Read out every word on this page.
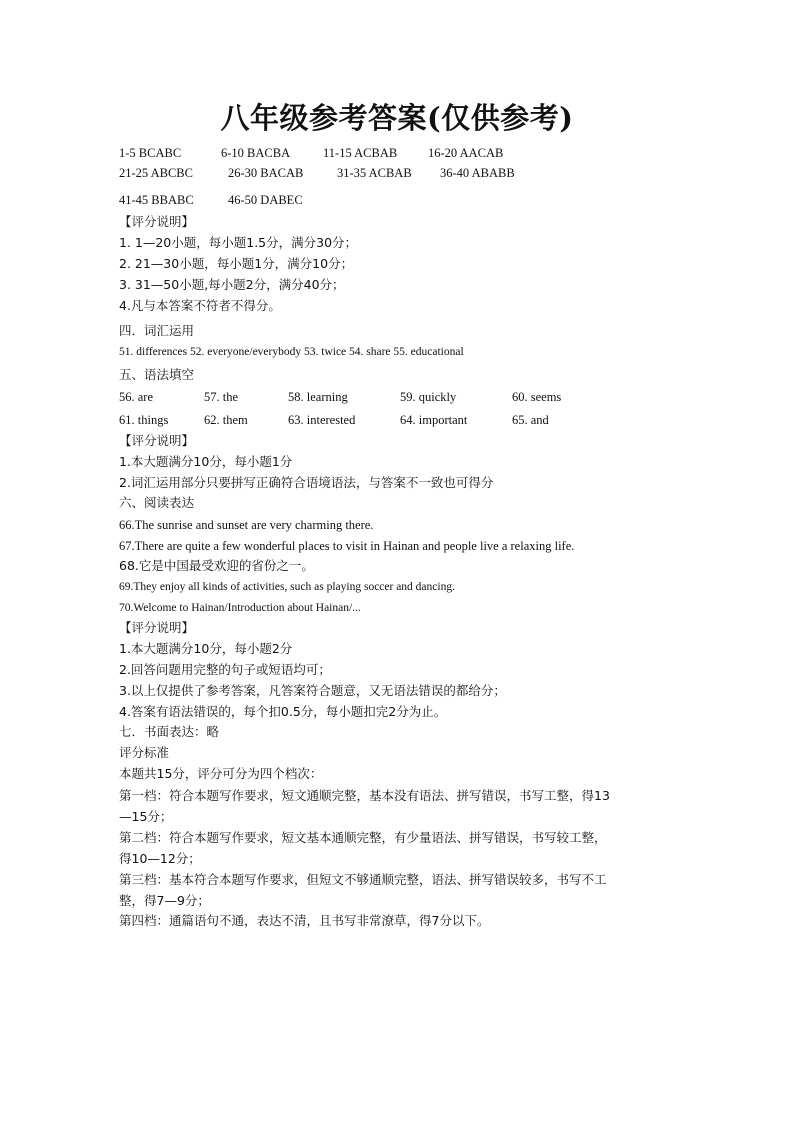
八年级参考答案(仅供参考)
1-5 BCABC	6-10 BACBA	11-15 ACBAB 16-20 AACAB
21-25 ABCBC	26-30 BACAB	31-35 ACBAB 36-40 ABABB
41-45 BBABC	46-50 DABEC
【评分说明】
1. 1—20小题，每小题1.5分，满分30分；
2. 21—30小题，每小题1分，满分10分；
3. 31—50小题,每小题2分，满分40分；
4.凡与本答案不符者不得分。
四．词汇运用
51. differences 52. everyone/everybody 53. twice 54. share 55. educational
五、语法填空
56. are	57. the	58. learning	59. quickly	60. seems
61. things	62. them	63. interested	64. important	65. and
【评分说明】
1.本大题满分10分，每小题1分
2.词汇运用部分只要拼写正确符合语境语法，与答案不一致也可得分
六、阅读表达
66.The sunrise and sunset are very charming there.
67.There are quite a few wonderful places to visit in Hainan and people live a relaxing life.
68.它是中国最受欢迎的省份之一。
69.They enjoy all kinds of activities, such as playing soccer and dancing.
70.Welcome to Hainan/Introduction about Hainan/...
【评分说明】
1.本大题满分10分，每小题2分
2.回答问题用完整的句子或短语均可；
3.以上仅提供了参考答案，凡答案符合题意，又无语法错误的都给分；
4.答案有语法错误的，每个扣0.5分，每小题扣完2分为止。
七．书面表达：略
评分标准
本题共15分，评分可分为四个档次：
第一档：符合本题写作要求，短文通顺完整，基本没有语法、拼写错误，书写工整，得13
—15分；
第二档：符合本题写作要求，短文基本通顺完整，有少量语法、拼写错误，书写较工整，
得10—12分；
第三档：基本符合本题写作要求，但短文不够通顺完整，语法、拼写错误较多，书写不工
整，得7—9分；
第四档：通篇语句不通，表达不清，且书写非常潦草，得7分以下。
